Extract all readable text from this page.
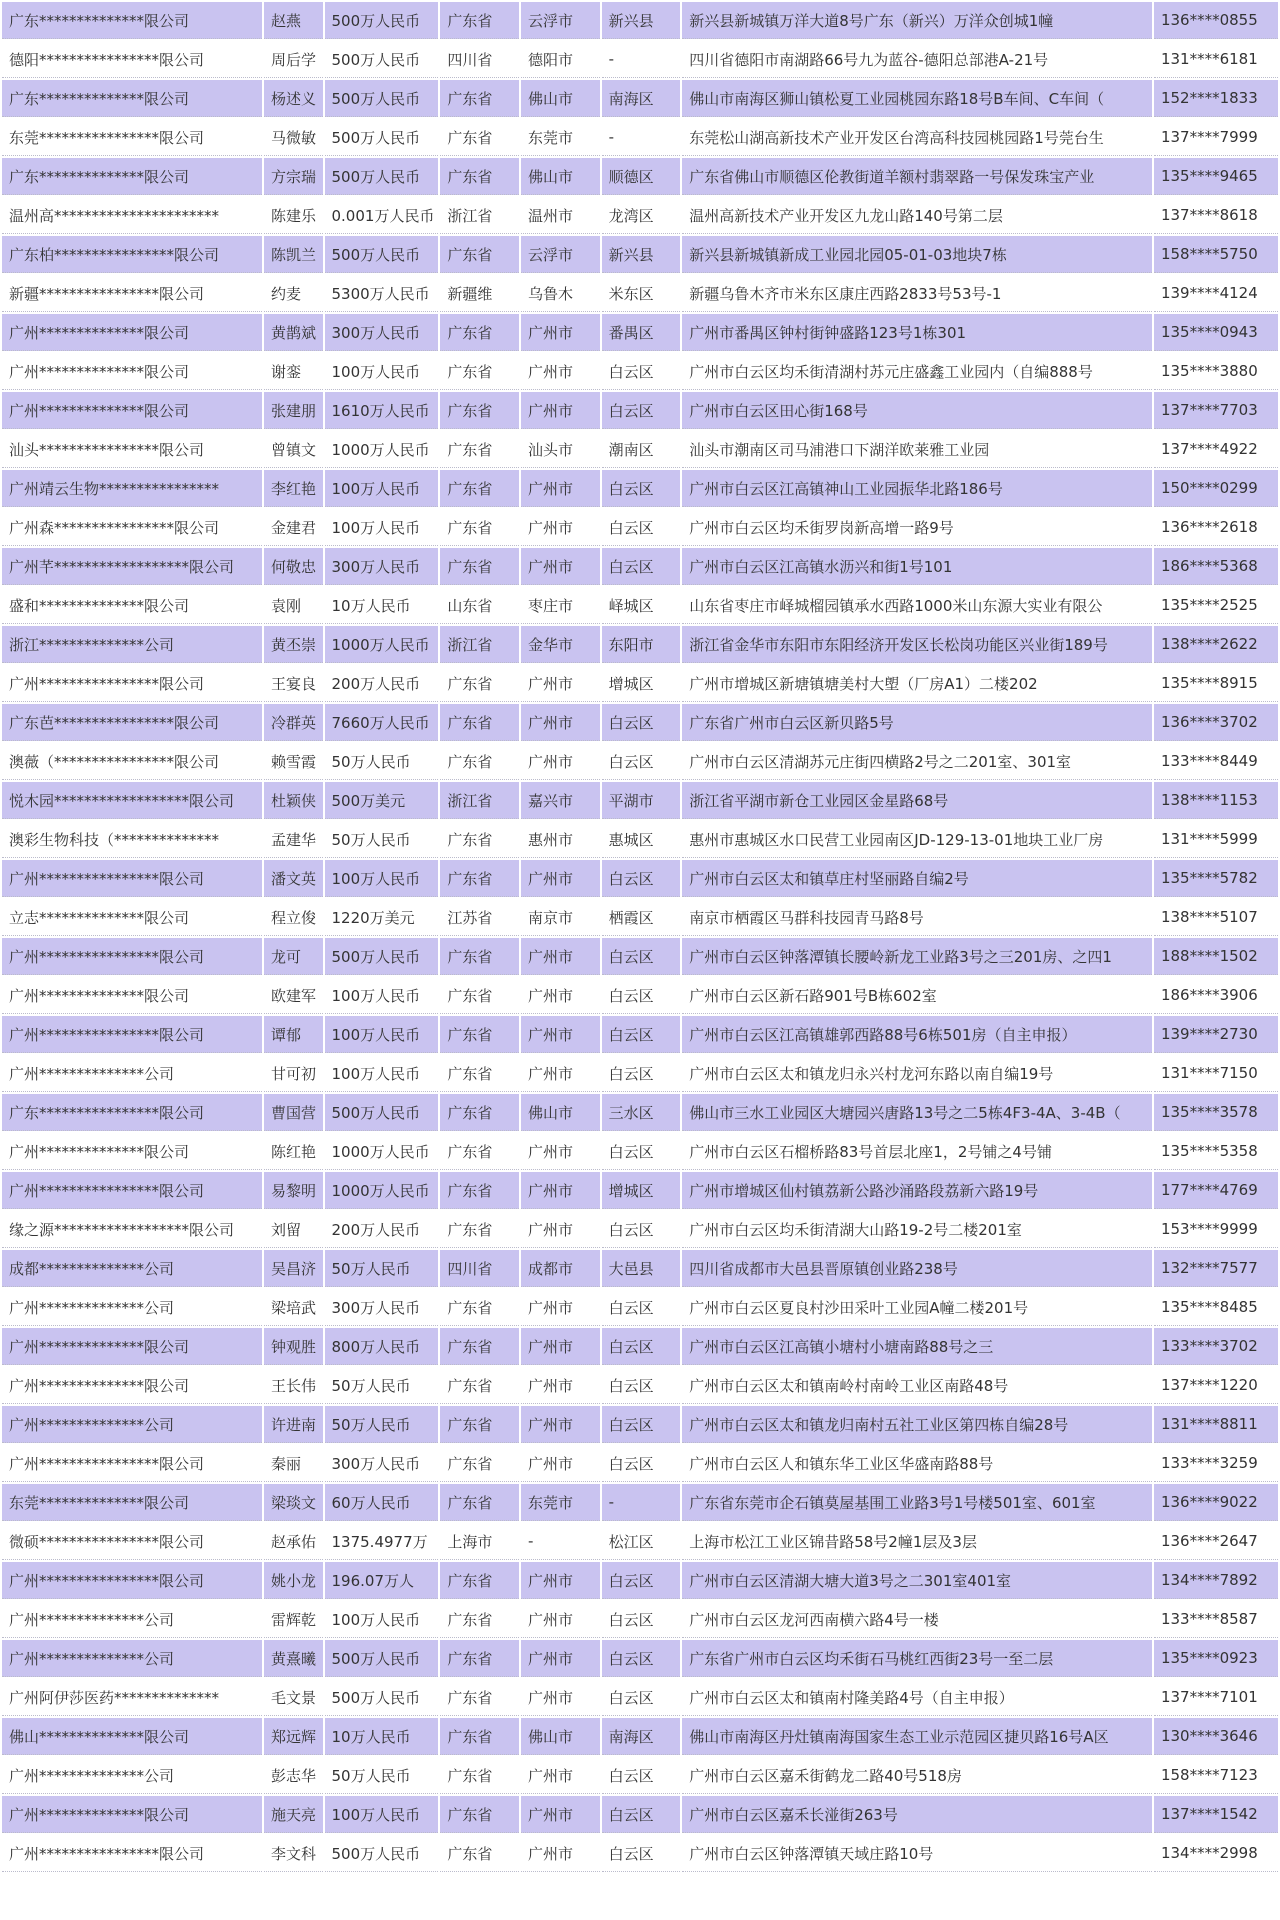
广东**************限公司	赵燕	500万人民币	广东省	云浮市	新兴县	新兴县新城镇万洋大道8号广东（新兴）万洋众创城1幢	136****0855
德阳****************限公司	周后学	500万人民币	四川省	德阳市	-	四川省德阳市南湖路66号九为蓝谷-德阳总部港A-21号	131****6181
广东**************限公司	杨述义	500万人民币	广东省	佛山市	南海区	佛山市南海区狮山镇松夏工业园桃园东路18号B车间、C车间（	152****1833
东莞****************限公司	马微敏	500万人民币	广东省	东莞市	-	东莞松山湖高新技术产业开发区台湾高科技园桃园路1号莞台生	137****7999
广东**************限公司	方宗瑞	500万人民币	广东省	佛山市	顺德区	广东省佛山市顺德区伦教街道羊额村翡翠路一号保发珠宝产业	135****9465
温州高**********************	陈建乐	0.001万人民币	浙江省	温州市	龙湾区	温州高新技术产业开发区九龙山路140号第二层	137****8618
广东柏****************限公司	陈凯兰	500万人民币	广东省	云浮市	新兴县	新兴县新城镇新成工业园北园05-01-03地块7栋	158****5750
新疆****************限公司	约麦	5300万人民币	新疆维	乌鲁木	米东区	新疆乌鲁木齐市米东区康庄西路2833号53号-1	139****4124
广州**************限公司	黄鹊斌	300万人民币	广东省	广州市	番禺区	广州市番禺区钟村街钟盛路123号1栋301	135****0943
广州**************限公司	谢銮	100万人民币	广东省	广州市	白云区	广州市白云区均禾街清湖村苏元庄盛鑫工业园内（自编888号	135****3880
广州**************限公司	张建朋	1610万人民币	广东省	广州市	白云区	广州市白云区田心街168号	137****7703
汕头****************限公司	曾镇文	1000万人民币	广东省	汕头市	潮南区	汕头市潮南区司马浦港口下湖洋欧莱雅工业园	137****4922
广州靖云生物****************	李红艳	100万人民币	广东省	广州市	白云区	广州市白云区江高镇神山工业园振华北路186号	150****0299
广州森****************限公司	金建君	100万人民币	广东省	广州市	白云区	广州市白云区均禾街罗岗新高增一路9号	136****2618
广州芊******************限公司	何敬忠	300万人民币	广东省	广州市	白云区	广州市白云区江高镇水沥兴和街1号101	186****5368
盛和**************限公司	袁刚	10万人民币	山东省	枣庄市	峄城区	山东省枣庄市峄城榴园镇承水西路1000米山东源大实业有限公	135****2525
浙江**************公司	黄丕崇	1000万人民币	浙江省	金华市	东阳市	浙江省金华市东阳市东阳经济开发区长松岗功能区兴业街189号	138****2622
广州****************限公司	王宴良	200万人民币	广东省	广州市	增城区	广州市增城区新塘镇塘美村大塱（厂房A1）二楼202	135****8915
广东芭****************限公司	冷群英	7660万人民币	广东省	广州市	白云区	广东省广州市白云区新贝路5号	136****3702
澳薇（****************限公司	赖雪霞	50万人民币	广东省	广州市	白云区	广州市白云区清湖苏元庄街四横路2号之二201室、301室	133****8449
悦木园******************限公司	杜颖侠	500万美元	浙江省	嘉兴市	平湖市	浙江省平湖市新仓工业园区金星路68号	138****1153
澳彩生物科技（**************	孟建华	50万人民币	广东省	惠州市	惠城区	惠州市惠城区水口民营工业园南区JD-129-13-01地块工业厂房	131****5999
广州****************限公司	潘文英	100万人民币	广东省	广州市	白云区	广州市白云区太和镇草庄村坚丽路自编2号	135****5782
立志**************限公司	程立俊	1220万美元	江苏省	南京市	栖霞区	南京市栖霞区马群科技园青马路8号	138****5107
广州****************限公司	龙可	500万人民币	广东省	广州市	白云区	广州市白云区钟落潭镇长腰岭新龙工业路3号之三201房、之四1	188****1502
广州**************限公司	欧建军	100万人民币	广东省	广州市	白云区	广州市白云区新石路901号B栋602室	186****3906
广州****************限公司	谭郁	100万人民币	广东省	广州市	白云区	广州市白云区江高镇雄郭西路88号6栋501房（自主申报）	139****2730
广州**************公司	甘可初	100万人民币	广东省	广州市	白云区	广州市白云区太和镇龙归永兴村龙河东路以南自编19号	131****7150
广东****************限公司	曹国营	500万人民币	广东省	佛山市	三水区	佛山市三水工业园区大塘园兴唐路13号之二5栋4F3-4A、3-4B（	135****3578
广州**************限公司	陈红艳	1000万人民币	广东省	广州市	白云区	广州市白云区石榴桥路83号首层北座1，2号铺之4号铺	135****5358
广州****************限公司	易黎明	1000万人民币	广东省	广州市	增城区	广州市增城区仙村镇荔新公路沙涌路段荔新六路19号	177****4769
缘之源******************限公司	刘留	200万人民币	广东省	广州市	白云区	广州市白云区均禾街清湖大山路19-2号二楼201室	153****9999
成都**************公司	吴昌济	50万人民币	四川省	成都市	大邑县	四川省成都市大邑县晋原镇创业路238号	132****7577
广州**************公司	梁培武	300万人民币	广东省	广州市	白云区	广州市白云区夏良村沙田采叶工业园A幢二楼201号	135****8485
广州**************限公司	钟观胜	800万人民币	广东省	广州市	白云区	广州市白云区江高镇小塘村小塘南路88号之三	133****3702
广州**************限公司	王长伟	50万人民币	广东省	广州市	白云区	广州市白云区太和镇南岭村南岭工业区南路48号	137****1220
广州**************公司	许进南	50万人民币	广东省	广州市	白云区	广州市白云区太和镇龙归南村五社工业区第四栋自编28号	131****8811
广州****************限公司	秦丽	300万人民币	广东省	广州市	白云区	广州市白云区人和镇东华工业区华盛南路88号	133****3259
东莞**************限公司	梁琰文	60万人民币	广东省	东莞市	-	广东省东莞市企石镇莫屋基围工业路3号1号楼501室、601室	136****9022
微硕****************限公司	赵承佑	1375.4977万	上海市	-	松江区	上海市松江工业区锦昔路58号2幢1层及3层	136****2647
广州****************限公司	姚小龙	196.07万人	广东省	广州市	白云区	广州市白云区清湖大塘大道3号之二301室401室	134****7892
广州**************公司	雷辉乾	100万人民币	广东省	广州市	白云区	广州市白云区龙河西南横六路4号一楼	133****8587
广州**************公司	黄熹曦	500万人民币	广东省	广州市	白云区	广东省广州市白云区均禾街石马桃红西街23号一至二层	135****0923
广州阿伊莎医药**************	毛文景	500万人民币	广东省	广州市	白云区	广州市白云区太和镇南村隆美路4号（自主申报）	137****7101
佛山**************限公司	郑远辉	10万人民币	广东省	佛山市	南海区	佛山市南海区丹灶镇南海国家生态工业示范园区捷贝路16号A区	130****3646
广州**************公司	彭志华	50万人民币	广东省	广州市	白云区	广州市白云区嘉禾街鹤龙二路40号518房	158****7123
广州**************限公司	施天亮	100万人民币	广东省	广州市	白云区	广州市白云区嘉禾长湴街263号	137****1542
广州****************限公司	李文科	500万人民币	广东省	广州市	白云区	广州市白云区钟落潭镇天域庄路10号	134****2998
